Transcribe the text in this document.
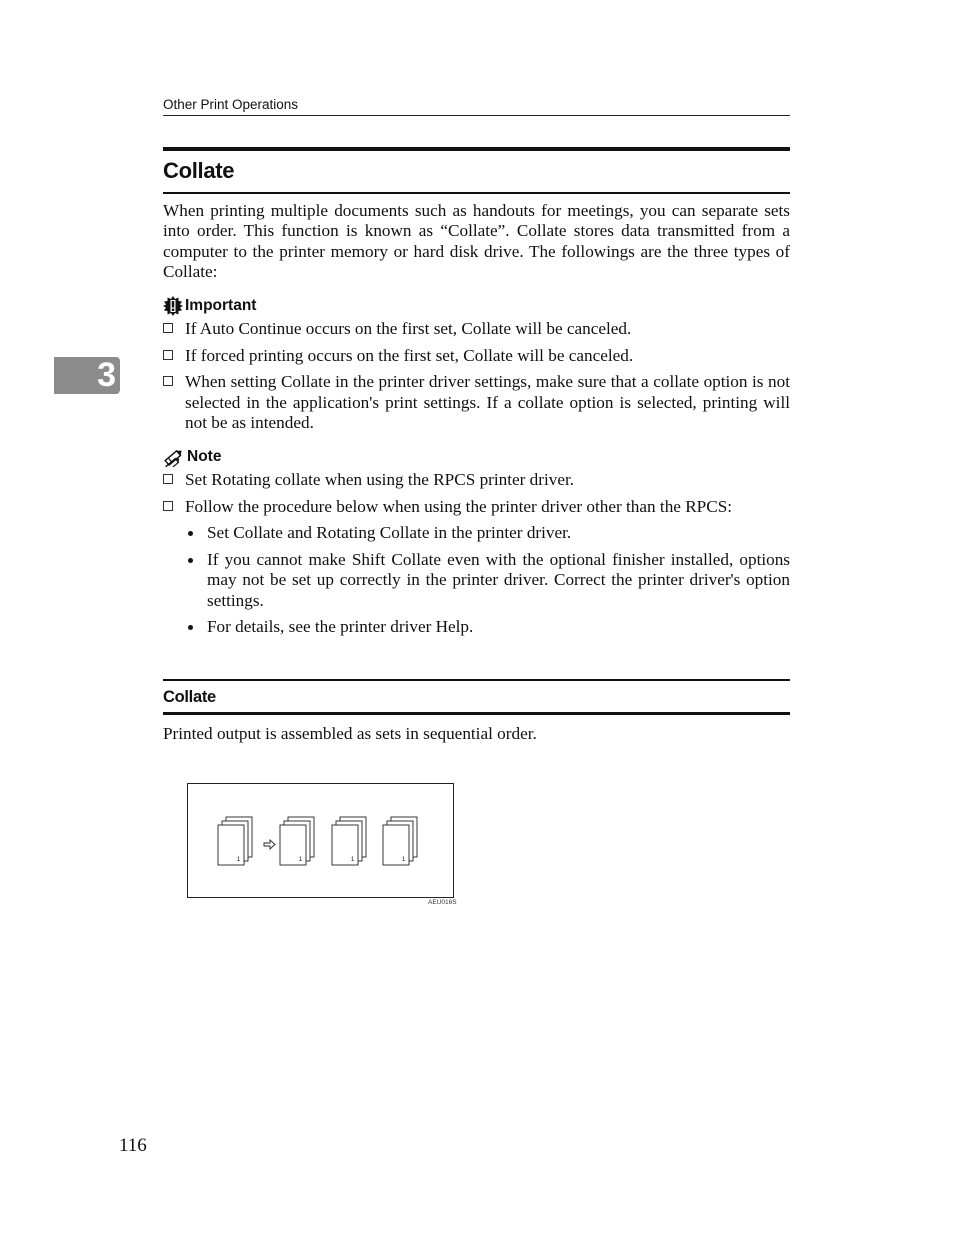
Other Print Operations
3
Collate

When printing multiple documents such as handouts for meetings, you can separate sets into order. This function is known as “Collate”. Collate stores data transmitted from a computer to the printer memory or hard disk drive. The followings are the three types of Collate:

Important
If Auto Continue occurs on the first set, Collate will be canceled.
If forced printing occurs on the first set, Collate will be canceled.
When setting Collate in the printer driver settings, make sure that a collate option is not selected in the application's print settings. If a collate option is selected, printing will not be as intended.
Note
Set Rotating collate when using the RPCS printer driver.
Follow the procedure below when using the printer driver other than the RPCS:
Set Collate and Rotating Collate in the printer driver.
If you cannot make Shift Collate even with the optional finisher installed, options may not be set up correctly in the printer driver. Correct the printer driver's option settings.
For details, see the printer driver Help.
Collate

Printed output is assembled as sets in sequential order.

1	1	1	1
AEU016S
116
